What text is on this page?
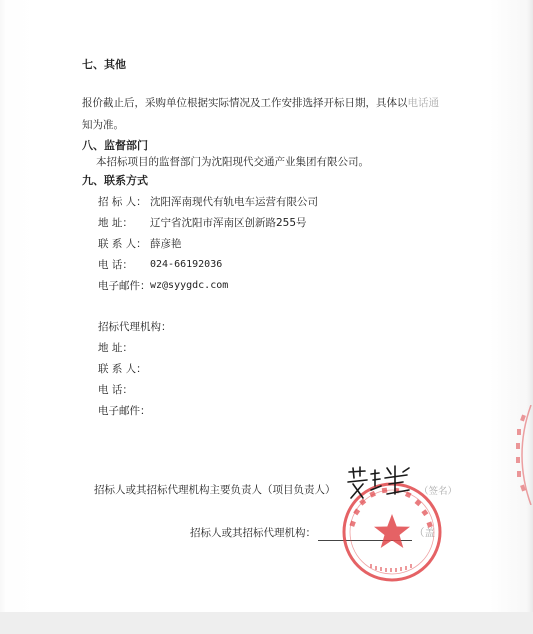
七、其他
报价截止后，采购单位根据实际情况及工作安排选择开标日期，具体以电话通
知为准。
八、监督部门
本招标项目的监督部门为沈阳现代交通产业集团有限公司。
九、联系方式
招 标 人： 沈阳浑南现代有轨电车运营有限公司
地 址： 辽宁省沈阳市浑南区创新路255号
联 系 人： 薛彦艳
电 话： 024-66192036
电子邮件： wz@syygdc.com
招标代理机构：
地 址：
联 系 人：
电 话：
电子邮件：
招标人或其招标代理机构主要负责人（项目负责人）	（签名）
招标人或其招标代理机构：	（盖
